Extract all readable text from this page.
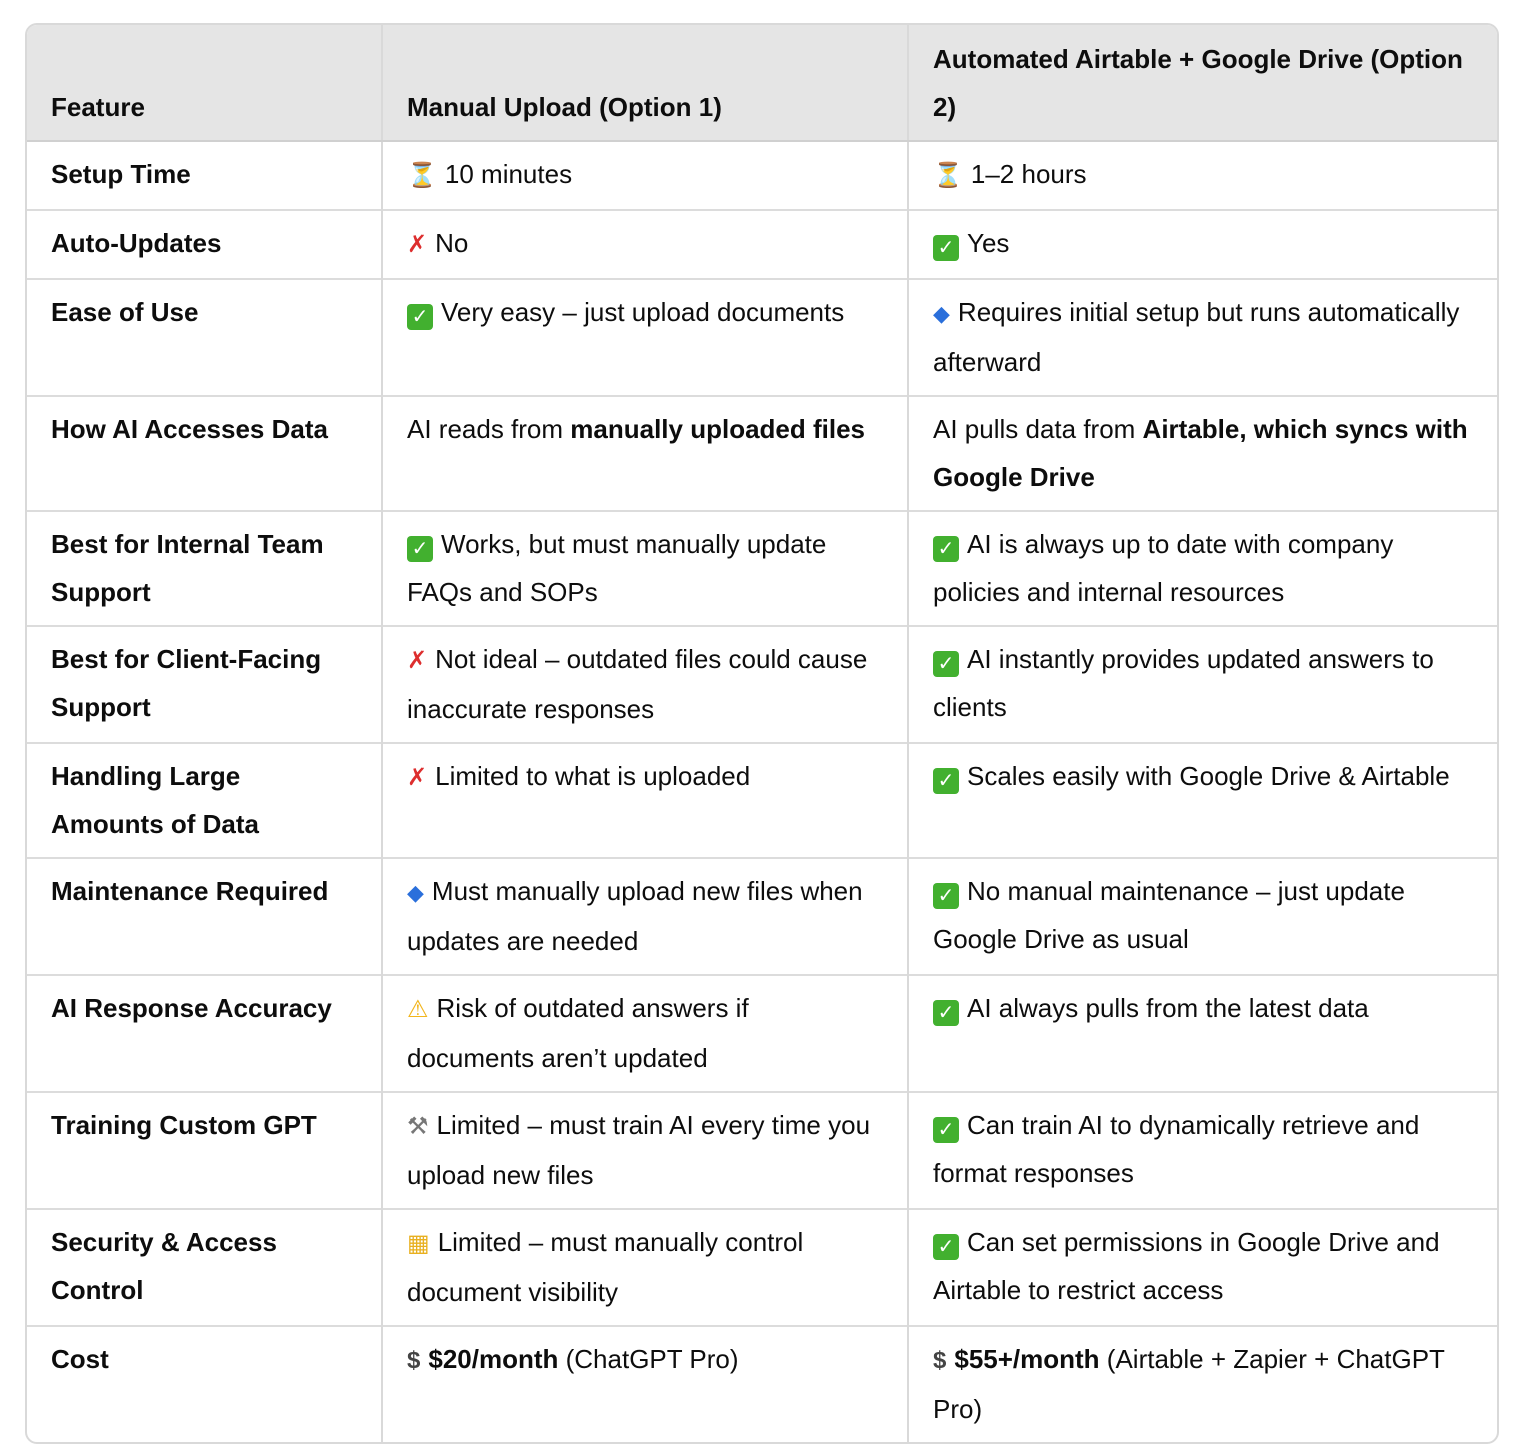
Feature	Manual Upload (Option 1)	Automated Airtable + Google Drive (Option 2)
Setup Time	⏳ 10 minutes	⏳ 1–2 hours
Auto-Updates	✗ No	✓ Yes
Ease of Use	✓ Very easy – just upload documents	◆ Requires initial setup but runs automatically afterward
How AI Accesses Data	AI reads from manually uploaded files	AI pulls data from Airtable, which syncs with Google Drive
Best for Internal Team Support	✓ Works, but must manually update FAQs and SOPs	✓ AI is always up to date with company policies and internal resources
Best for Client-Facing Support	✗ Not ideal – outdated files could cause inaccurate responses	✓ AI instantly provides updated answers to clients
Handling Large Amounts of Data	✗ Limited to what is uploaded	✓ Scales easily with Google Drive & Airtable
Maintenance Required	◆ Must manually upload new files when updates are needed	✓ No manual maintenance – just update Google Drive as usual
AI Response Accuracy	⚠ Risk of outdated answers if documents aren’t updated	✓ AI always pulls from the latest data
Training Custom GPT	⚒ Limited – must train AI every time you upload new files	✓ Can train AI to dynamically retrieve and format responses
Security & Access Control	▦ Limited – must manually control document visibility	✓ Can set permissions in Google Drive and Airtable to restrict access
Cost	$ $20/month (ChatGPT Pro)	$ $55+/month (Airtable + Zapier + ChatGPT Pro)
